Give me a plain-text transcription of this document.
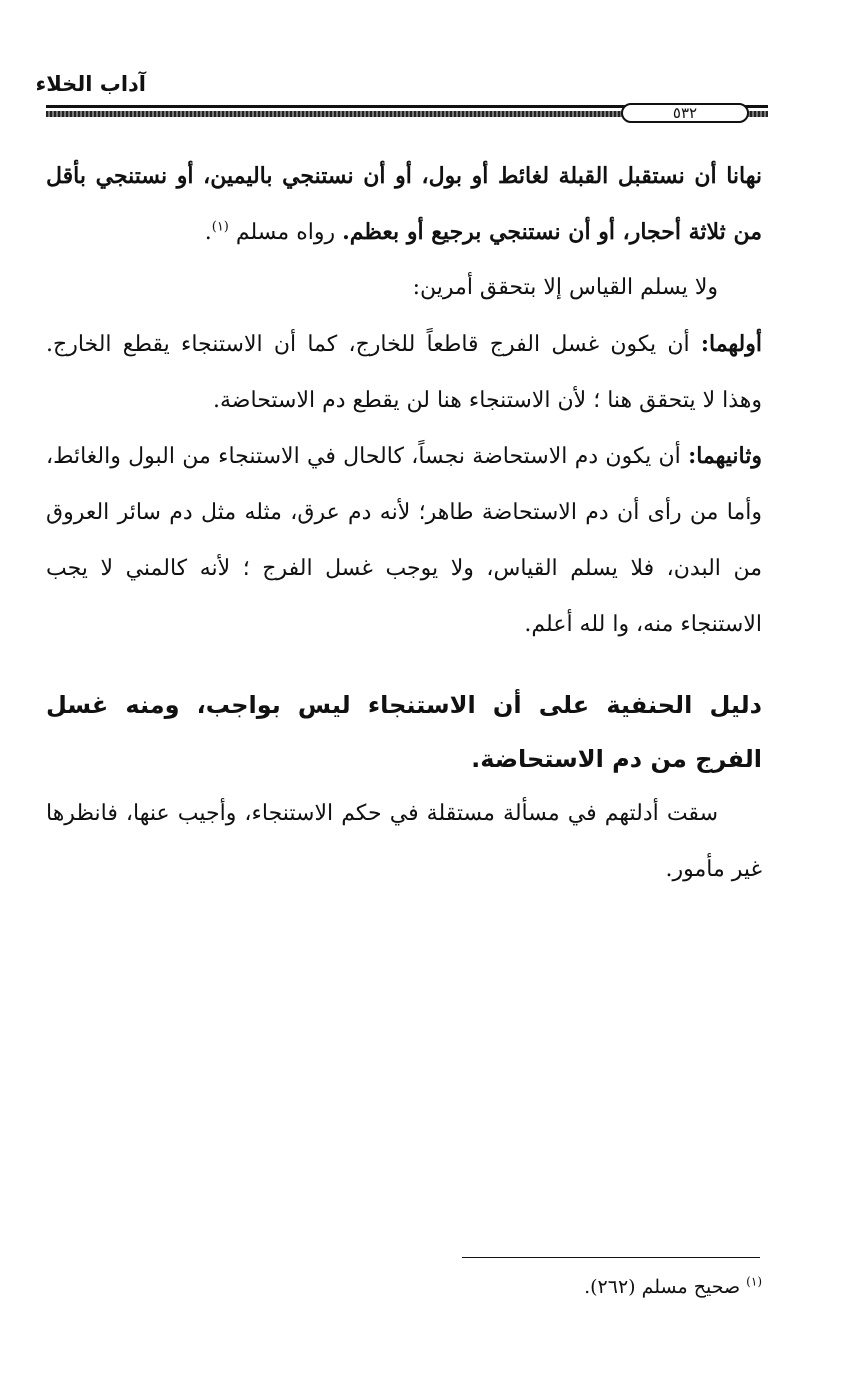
آداب الخلاء
٥٣٢
نهانا أن نستقبل القبلة لغائط أو بول، أو أن نستنجي باليمين، أو نستنجي بأقل من ثلاثة أحجار، أو أن نستنجي برجيع أو بعظم. رواه مسلم $^{(١)}$.
ولا يسلم القياس إلا بتحقق أمرين:
أولهما: أن يكون غسل الفرج قاطعاً للخارج، كما أن الاستنجاء يقطع الخارج. وهذا لا يتحقق هنا ؛ لأن الاستنجاء هنا لن يقطع دم الاستحاضة.
وثانيهما: أن يكون دم الاستحاضة نجساً، كالحال في الاستنجاء من البول والغائط، وأما من رأى أن دم الاستحاضة طاهر؛ لأنه دم عرق، مثله مثل دم سائر العروق من البدن، فلا يسلم القياس، ولا يوجب غسل الفرج ؛ لأنه كالمني لا يجب الاستنجاء منه، وا لله أعلم.
دليل الحنفية على أن الاستنجاء ليس بواجب، ومنه غسل الفرج من دم الاستحاضة.
سقت أدلتهم في مسألة مستقلة في حكم الاستنجاء، وأجيب عنها، فانظرها غير مأمور.
$^{(١)}$ صحيح مسلم (٢٦٢).
